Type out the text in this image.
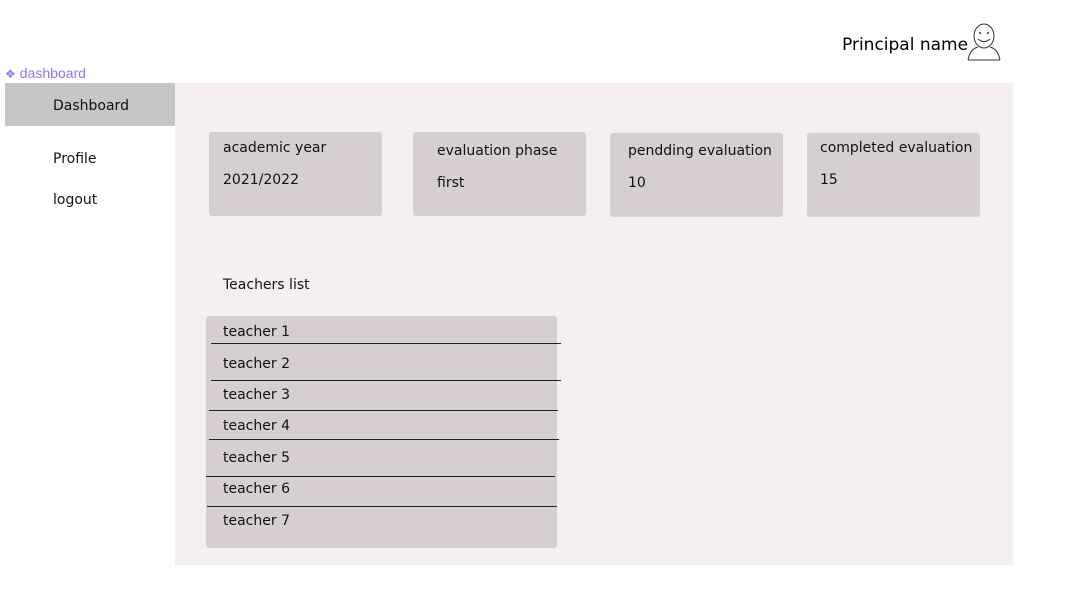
Principal name
❖ dashboard
Dashboard
Profile
logout
academic year
2021/2022
evaluation phase
first
pendding evaluation
10
completed evaluation
15
Teachers list
teacher 1
teacher 2
teacher 3
teacher 4
teacher 5
teacher 6
teacher 7
